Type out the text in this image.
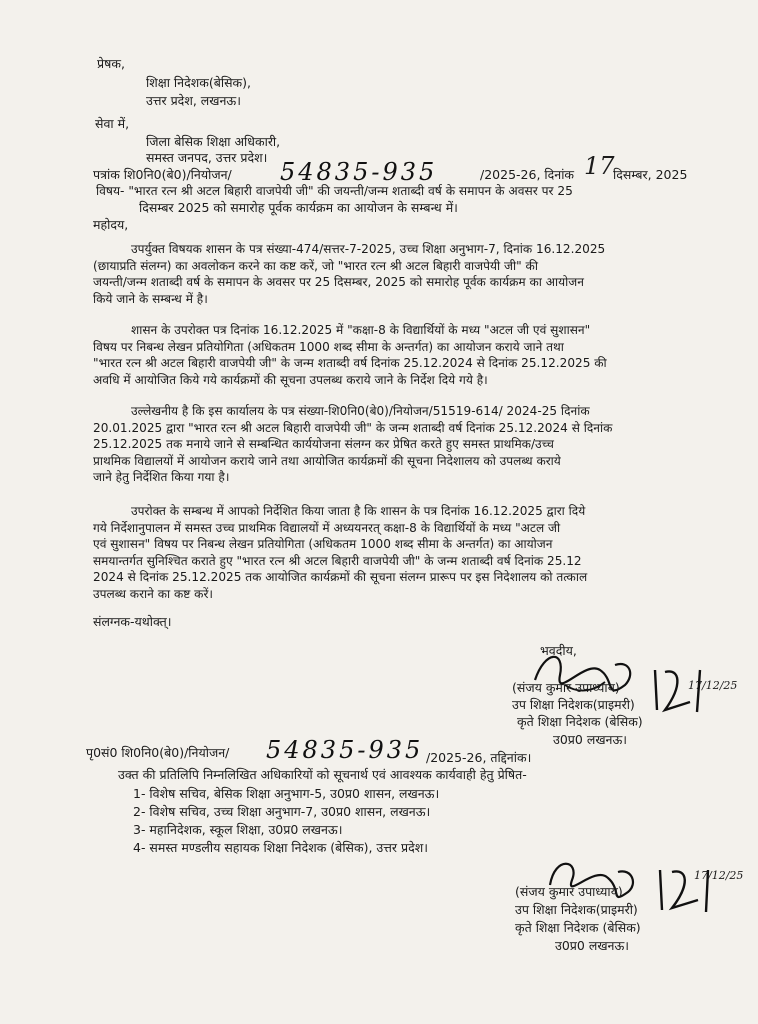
प्रेषक,
शिक्षा निदेशक(बेसिक),
उत्तर प्रदेश, लखनऊ।
सेवा में,
जिला बेसिक शिक्षा अधिकारी,
समस्त जनपद, उत्तर प्रदेश।
पत्रांक शि0नि0(बे0)/नियोजन/ 54835-935	/2025-26, दिनांक 17
दिसम्बर, 2025
विषय- "भारत रत्न श्री अटल बिहारी वाजपेयी जी" की जयन्ती/जन्म शताब्दी वर्ष के समापन के अवसर पर 25
दिसम्बर 2025 को समारोह पूर्वक कार्यक्रम का आयोजन के सम्बन्ध में।
महोदय,
उपर्युक्त विषयक शासन के पत्र संख्या-474/सत्तर-7-2025, उच्च शिक्षा अनुभाग-7, दिनांक 16.12.2025
(छायाप्रति संलग्न) का अवलोकन करने का कष्ट करें, जो "भारत रत्न श्री अटल बिहारी वाजपेयी जी" की
जयन्ती/जन्म शताब्दी वर्ष के समापन के अवसर पर 25 दिसम्बर, 2025 को समारोह पूर्वक कार्यक्रम का आयोजन
किये जाने के सम्बन्ध में है।
शासन के उपरोक्त पत्र दिनांक 16.12.2025 में "कक्षा-8 के विद्यार्थियों के मध्य "अटल जी एवं सुशासन"
विषय पर निबन्ध लेखन प्रतियोगिता (अधिकतम 1000 शब्द सीमा के अन्तर्गत) का आयोजन कराये जाने तथा
"भारत रत्न श्री अटल बिहारी वाजपेयी जी" के जन्म शताब्दी वर्ष दिनांक 25.12.2024 से दिनांक 25.12.2025 की
अवधि में आयोजित किये गये कार्यक्रमों की सूचना उपलब्ध कराये जाने के निर्देश दिये गये है।
उल्लेखनीय है कि इस कार्यालय के पत्र संख्या-शि0नि0(बे0)/नियोजन/51519-614/ 2024-25 दिनांक
20.01.2025 द्वारा "भारत रत्न श्री अटल बिहारी वाजपेयी जी" के जन्म शताब्दी वर्ष दिनांक 25.12.2024 से दिनांक
25.12.2025 तक मनाये जाने से सम्बन्धित कार्ययोजना संलग्न कर प्रेषित करते हुए समस्त प्राथमिक/उच्च
प्राथमिक विद्यालयों में आयोजन कराये जाने तथा आयोजित कार्यक्रमों की सूचना निदेशालय को उपलब्ध कराये
जाने हेतु निर्देशित किया गया है।
उपरोक्त के सम्बन्ध में आपको निर्देशित किया जाता है कि शासन के पत्र दिनांक 16.12.2025 द्वारा दिये
गये निर्देशानुपालन में समस्त उच्च प्राथमिक विद्यालयों में अध्ययनरत् कक्षा-8 के विद्यार्थियों के मध्य "अटल जी
एवं सुशासन" विषय पर निबन्ध लेखन प्रतियोगिता (अधिकतम 1000 शब्द सीमा के अन्तर्गत) का आयोजन
समयान्तर्गत सुनिश्चित कराते हुए "भारत रत्न श्री अटल बिहारी वाजपेयी जी" के जन्म शताब्दी वर्ष दिनांक 25.12
2024 से दिनांक 25.12.2025 तक आयोजित कार्यक्रमों की सूचना संलग्न प्रारूप पर इस निदेशालय को तत्काल
उपलब्ध कराने का कष्ट करें।
संलग्नक-यथोक्त्।
भवदीय,
17/12/25
(संजय कुमार उपाध्याय)
उप शिक्षा निदेशक(प्राइमरी)
कृते शिक्षा निदेशक (बेसिक)
उ0प्र0 लखनऊ।
पृ0सं0 शि0नि0(बे0)/नियोजन/ 54835-935 /2025-26, तद्दिनांक।
उक्त की प्रतिलिपि निम्नलिखित अधिकारियों को सूचनार्थ एवं आवश्यक कार्यवाही हेतु प्रेषित-
1- विशेष सचिव, बेसिक शिक्षा अनुभाग-5, उ0प्र0 शासन, लखनऊ।
2- विशेष सचिव, उच्च शिक्षा अनुभाग-7, उ0प्र0 शासन, लखनऊ।
3- महानिदेशक, स्कूल शिक्षा, उ0प्र0 लखनऊ।
4- समस्त मण्डलीय सहायक शिक्षा निदेशक (बेसिक), उत्तर प्रदेश।
17/12/25
(संजय कुमार उपाध्याय)
उप शिक्षा निदेशक(प्राइमरी)
कृते शिक्षा निदेशक (बेसिक)
उ0प्र0 लखनऊ।
